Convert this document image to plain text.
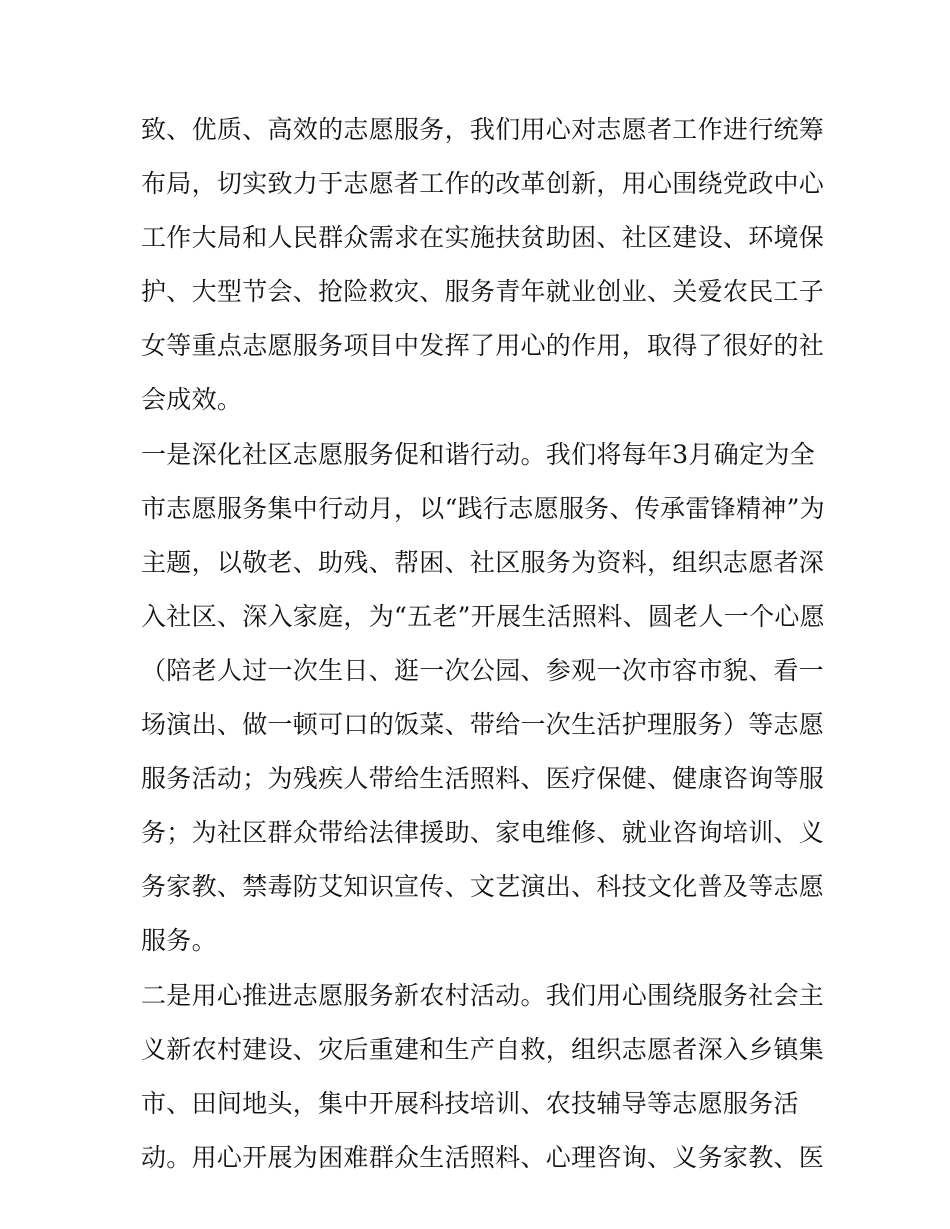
致、优质、高效的志愿服务，我们用心对志愿者工作进行统筹
布局，切实致力于志愿者工作的改革创新，用心围绕党政中心
工作大局和人民群众需求在实施扶贫助困、社区建设、环境保
护、大型节会、抢险救灾、服务青年就业创业、关爱农民工子
女等重点志愿服务项目中发挥了用心的作用，取得了很好的社
会成效。
一是深化社区志愿服务促和谐行动。我们将每年3月确定为全
市志愿服务集中行动月，以“践行志愿服务、传承雷锋精神”为
主题，以敬老、助残、帮困、社区服务为资料，组织志愿者深
入社区、深入家庭，为“五老”开展生活照料、圆老人一个心愿
（陪老人过一次生日、逛一次公园、参观一次市容市貌、看一
场演出、做一顿可口的饭菜、带给一次生活护理服务）等志愿
服务活动；为残疾人带给生活照料、医疗保健、健康咨询等服
务；为社区群众带给法律援助、家电维修、就业咨询培训、义
务家教、禁毒防艾知识宣传、文艺演出、科技文化普及等志愿
服务。
二是用心推进志愿服务新农村活动。我们用心围绕服务社会主
义新农村建设、灾后重建和生产自救，组织志愿者深入乡镇集
市、田间地头，集中开展科技培训、农技辅导等志愿服务活
动。用心开展为困难群众生活照料、心理咨询、义务家教、医
